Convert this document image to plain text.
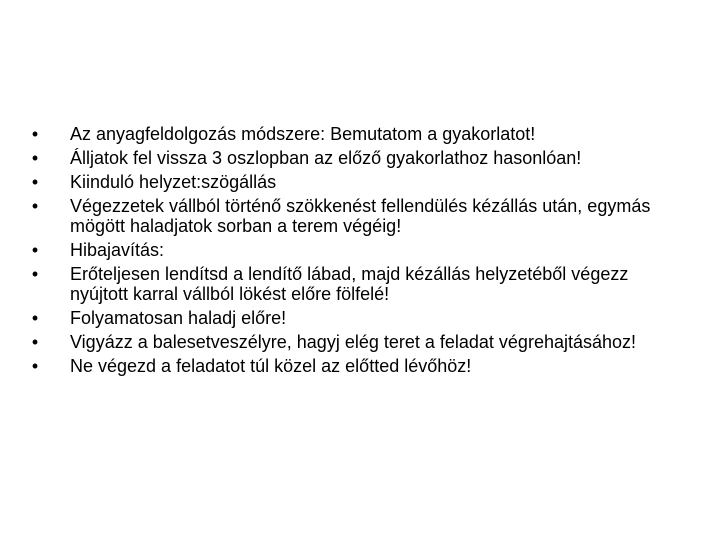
• Az anyagfeldolgozás módszere: Bemutatom a gyakorlatot!
• Álljatok fel vissza 3 oszlopban az előző gyakorlathoz hasonlóan!
• Kiinduló helyzet:szögállás
• Végezzetek vállból történő szökkenést fellendülés kézállás után, egymás mögött haladjatok sorban a terem végéig!
• Hibajavítás:
• Erőteljesen lendítsd a lendítő lábad, majd kézállás helyzetéből végezz nyújtott karral vállból lökést előre fölfelé!
• Folyamatosan haladj előre!
• Vigyázz a balesetveszélyre, hagyj elég teret a feladat végrehajtásához!
• Ne végezd a feladatot túl közel az előtted lévőhöz!
